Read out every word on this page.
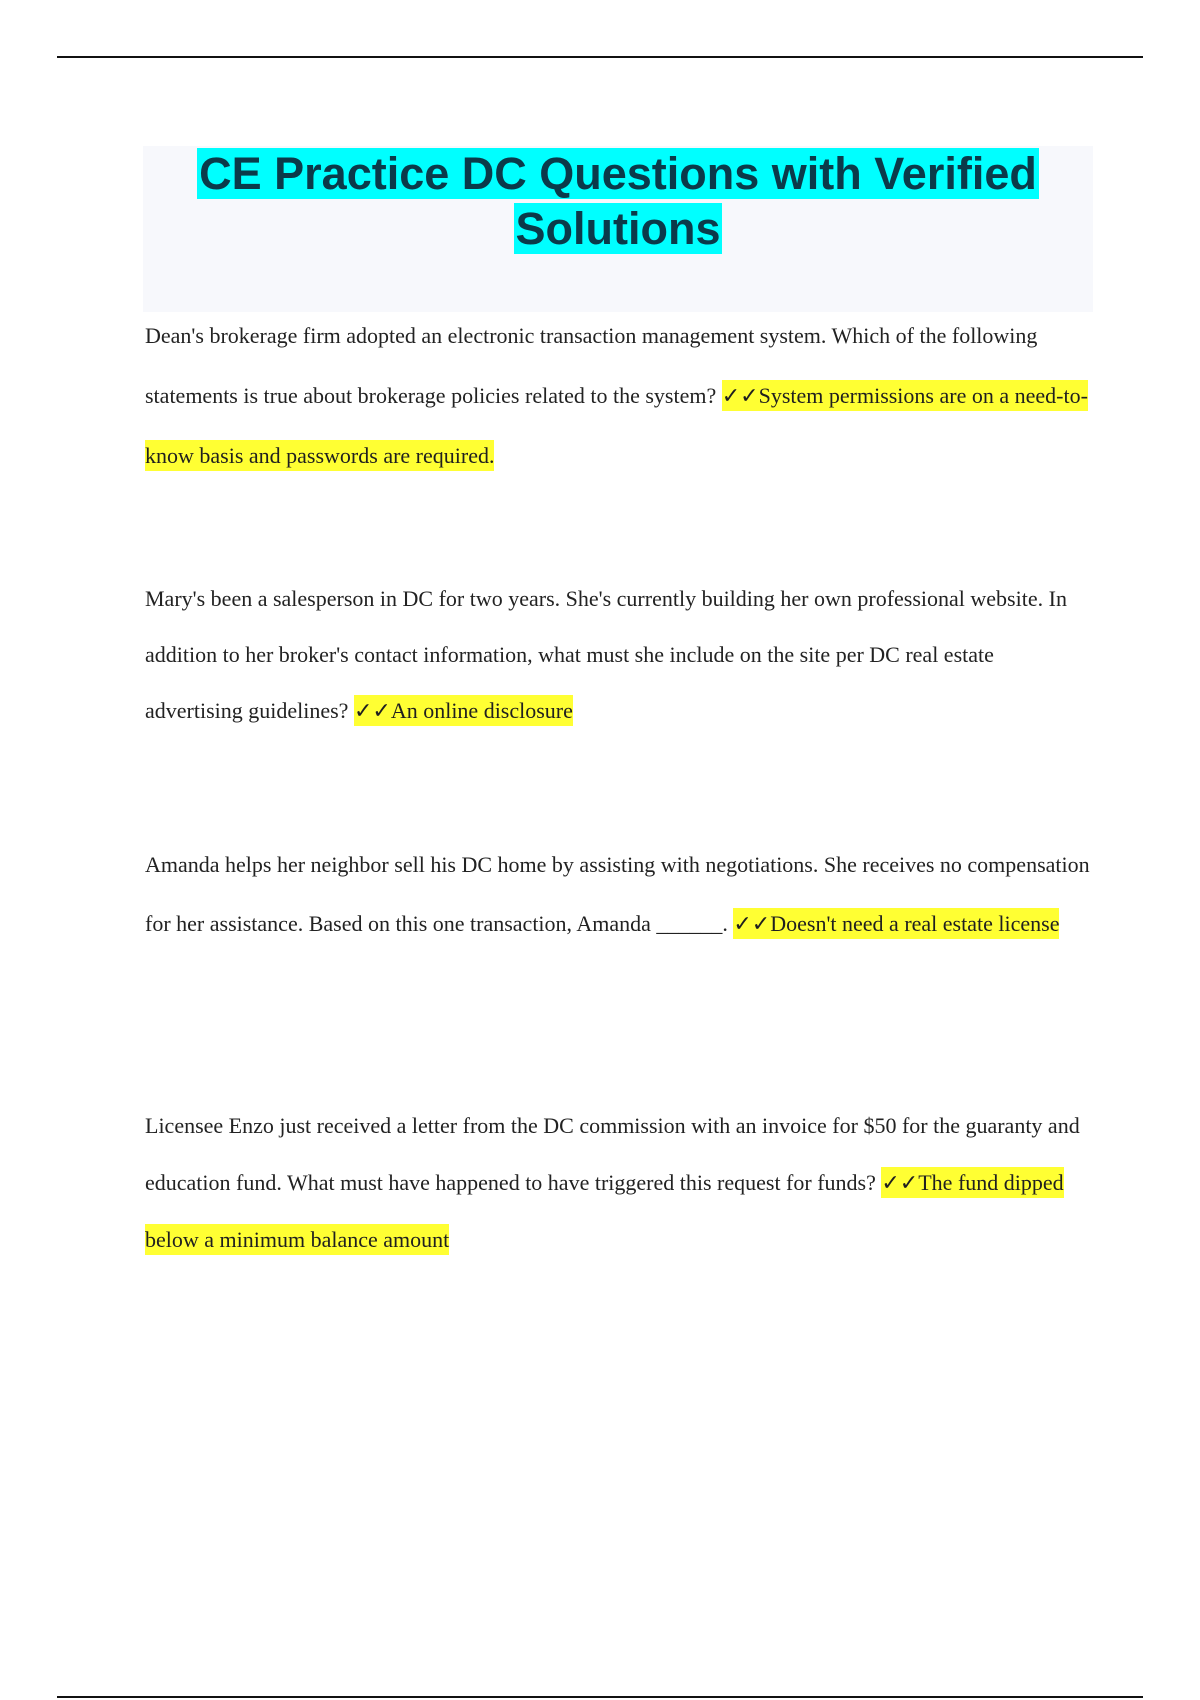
CE Practice DC Questions with Verified
Solutions

Dean's brokerage firm adopted an electronic transaction management system. Which of the following statements is true about brokerage policies related to the system? ✓✓System permissions are on a need-to-know basis and passwords are required.

Mary's been a salesperson in DC for two years. She's currently building her own professional website. In addition to her broker's contact information, what must she include on the site per DC real estate advertising guidelines? ✓✓An online disclosure

Amanda helps her neighbor sell his DC home by assisting with negotiations. She receives no compensation for her assistance. Based on this one transaction, Amanda ______. ✓✓Doesn't need a real estate license

Licensee Enzo just received a letter from the DC commission with an invoice for $50 for the guaranty and education fund. What must have happened to have triggered this request for funds? ✓✓The fund dipped below a minimum balance amount
